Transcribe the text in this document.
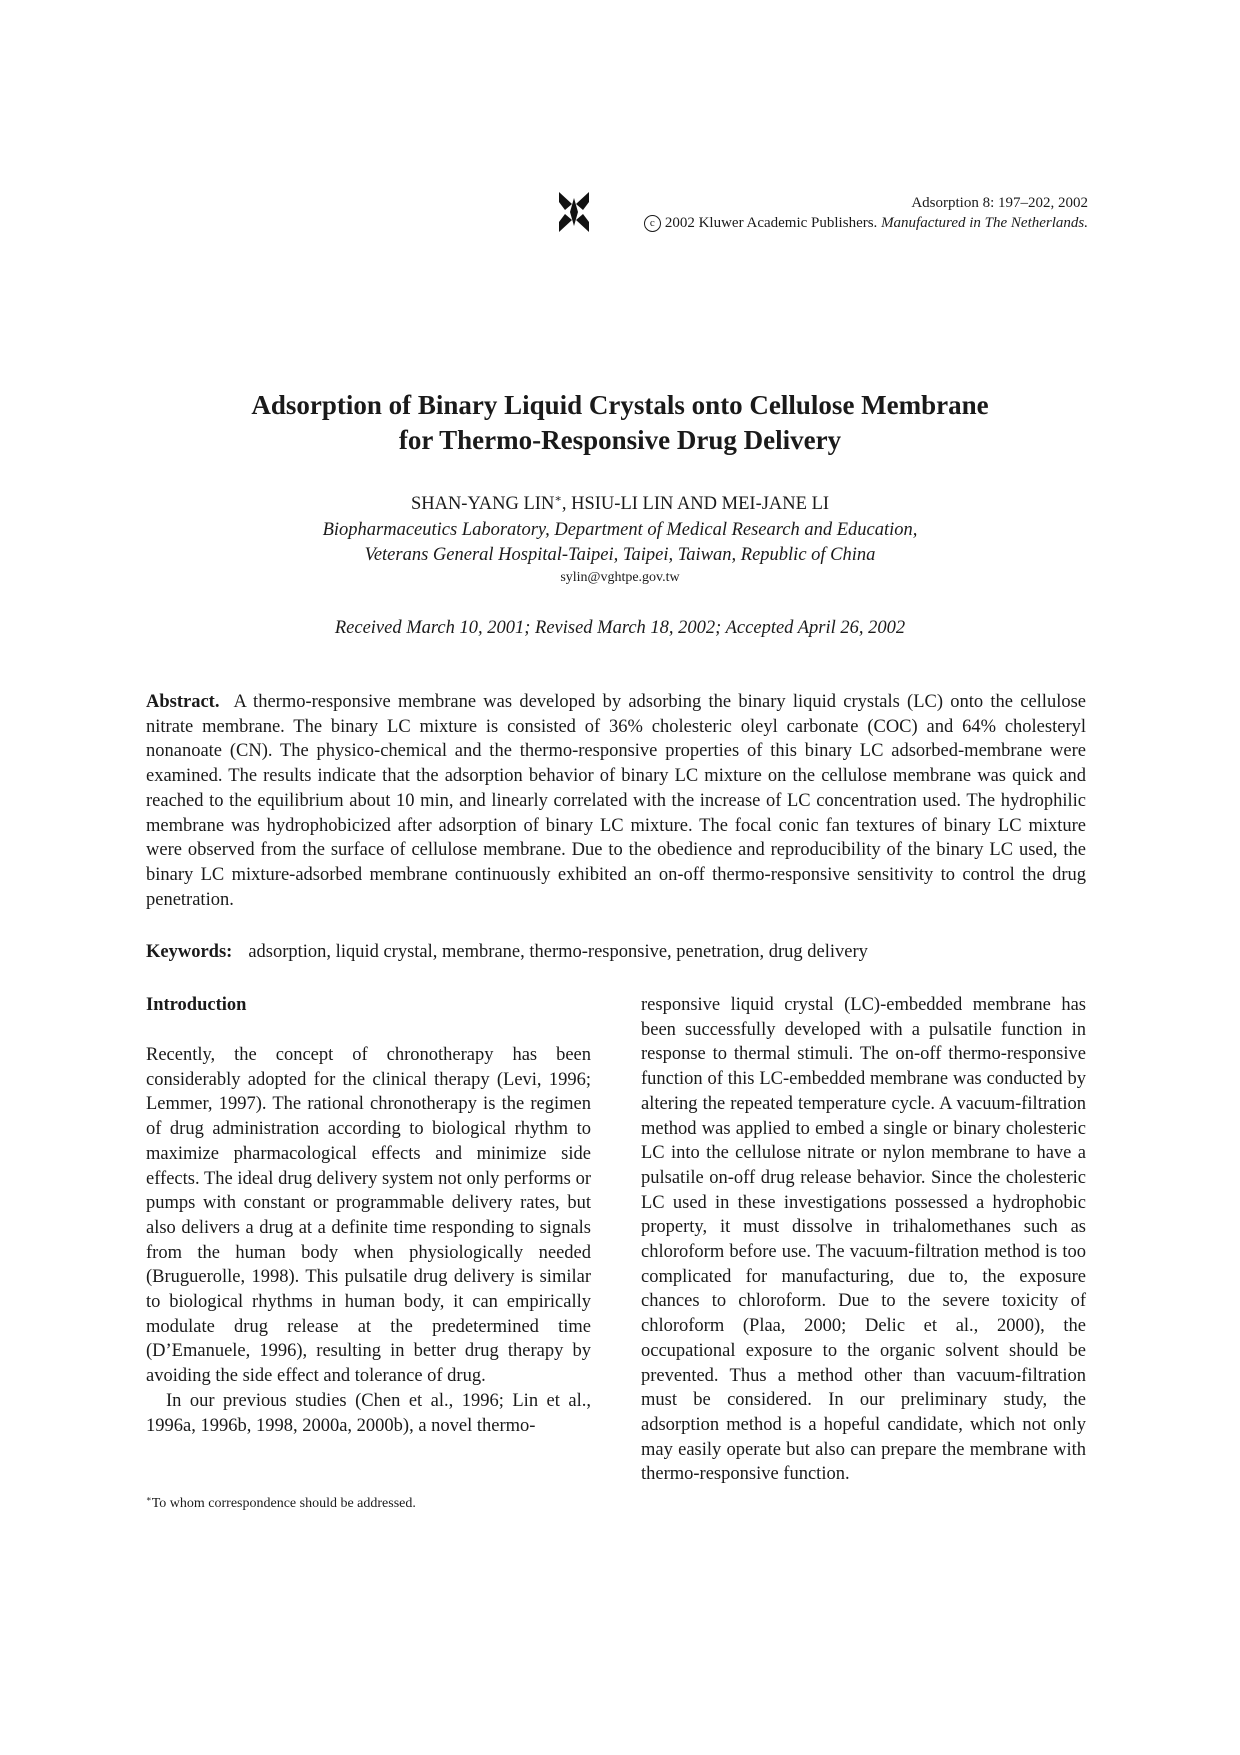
Adsorption 8: 197–202, 2002
c 2002 Kluwer Academic Publishers. Manufactured in The Netherlands.
Adsorption of Binary Liquid Crystals onto Cellulose Membrane
for Thermo-Responsive Drug Delivery
SHAN-YANG LIN∗, HSIU-LI LIN AND MEI-JANE LI
Biopharmaceutics Laboratory, Department of Medical Research and Education,
Veterans General Hospital-Taipei, Taipei, Taiwan, Republic of China
sylin@vghtpe.gov.tw
Received March 10, 2001; Revised March 18, 2002; Accepted April 26, 2002

Abstract. A thermo-responsive membrane was developed by adsorbing the binary liquid crystals (LC) onto the cellulose nitrate membrane. The binary LC mixture is consisted of 36% cholesteric oleyl carbonate (COC) and 64% cholesteryl nonanoate (CN). The physico-chemical and the thermo-responsive properties of this binary LC adsorbed-membrane were examined. The results indicate that the adsorption behavior of binary LC mixture on the cellulose membrane was quick and reached to the equilibrium about 10 min, and linearly correlated with the increase of LC concentration used. The hydrophilic membrane was hydrophobicized after adsorption of binary LC mixture. The focal conic fan textures of binary LC mixture were observed from the surface of cellulose membrane. Due to the obedience and reproducibility of the binary LC used, the binary LC mixture-adsorbed membrane continuously exhibited an on-off thermo-responsive sensitivity to control the drug penetration.

Keywords: adsorption, liquid crystal, membrane, thermo-responsive, penetration, drug delivery

Introduction

Recently, the concept of chronotherapy has been considerably adopted for the clinical therapy (Levi, 1996; Lemmer, 1997). The rational chronotherapy is the regimen of drug administration according to biological rhythm to maximize pharmacological effects and minimize side effects. The ideal drug delivery system not only performs or pumps with constant or programmable delivery rates, but also delivers a drug at a definite time responding to signals from the human body when physiologically needed (Bruguerolle, 1998). This pulsatile drug delivery is similar to biological rhythms in human body, it can empirically modulate drug release at the predetermined time (D’Emanuele, 1996), resulting in better drug therapy by avoiding the side effect and tolerance of drug.

In our previous studies (Chen et al., 1996; Lin et al., 1996a, 1996b, 1998, 2000a, 2000b), a novel thermo-

∗To whom correspondence should be addressed.

responsive liquid crystal (LC)-embedded membrane has been successfully developed with a pulsatile function in response to thermal stimuli. The on-off thermo-responsive function of this LC-embedded membrane was conducted by altering the repeated temperature cycle. A vacuum-filtration method was applied to embed a single or binary cholesteric LC into the cellulose nitrate or nylon membrane to have a pulsatile on-off drug release behavior. Since the cholesteric LC used in these investigations possessed a hydrophobic property, it must dissolve in trihalomethanes such as chloroform before use. The vacuum-filtration method is too complicated for manufacturing, due to, the exposure chances to chloroform. Due to the severe toxicity of chloroform (Plaa, 2000; Delic et al., 2000), the occupational exposure to the organic solvent should be prevented. Thus a method other than vacuum-filtration must be considered. In our preliminary study, the adsorption method is a hopeful candidate, which not only may easily operate but also can prepare the membrane with thermo-responsive function.
